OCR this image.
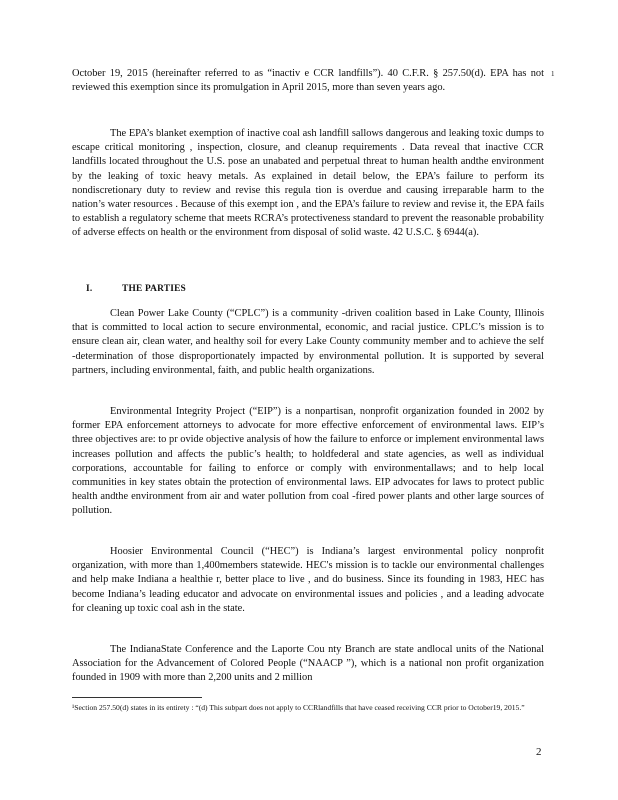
October 19, 2015 (hereinafter referred to as “inactiv e CCR landfills”). 40 C.F.R. § 257.50(d). EPA has not reviewed this exemption since its promulgation in April 2015, more than seven years ago.

1

The EPA’s blanket exemption of inactive coal ash landfill sallows dangerous and leaking toxic dumps to escape critical monitoring , inspection, closure, and cleanup requirements . Data reveal that inactive CCR landfills located throughout the U.S. pose an unabated and perpetual threat to human health andthe environment by the leaking of toxic heavy metals. As explained in detail below, the EPA’s failure to perform its nondiscretionary duty to review and revise this regula tion is overdue and causing irreparable harm to the nation’s water resources . Because of this exempt ion , and the EPA’s failure to review and revise it, the EPA fails to establish a regulatory scheme that meets RCRA’s protectiveness standard to prevent the reasonable probability of adverse effects on health or the environment from disposal of solid waste. 42 U.S.C. § 6944(a).

I.	THE PARTIES

Clean Power Lake County (“CPLC”) is a community -driven coalition based in Lake County, Illinois that is committed to local action to secure environmental, economic, and racial justice. CPLC’s mission is to ensure clean air, clean water, and healthy soil for every Lake County community member and to achieve the self -determination of those disproportionately impacted by environmental pollution. It is supported by several partners, including environmental, faith, and public health organizations.

Environmental Integrity Project (“EIP”) is a nonpartisan, nonprofit organization founded in 2002 by former EPA enforcement attorneys to advocate for more effective enforcement of environmental laws. EIP’s three objectives are: to pr ovide objective analysis of how the failure to enforce or implement environmental laws increases pollution and affects the public’s health; to holdfederal and state agencies, as well as individual corporations, accountable for failing to enforce or comply with environmentallaws; and to help local communities in key states obtain the protection of environmental laws. EIP advocates for laws to protect public health andthe environment from air and water pollution from coal -fired power plants and other large sources of pollution.

Hoosier Environmental Council (“HEC”) is Indiana’s largest environmental policy nonprofit organization, with more than 1,400members statewide. HEC's mission is to tackle our environmental challenges and help make Indiana a healthie r, better place to live , and do business. Since its founding in 1983, HEC has become Indiana’s leading educator and advocate on environmental issues and policies , and a leading advocate for cleaning up toxic coal ash in the state.

The IndianaState Conference and the Laporte Cou nty Branch are state andlocal units of the National Association for the Advancement of Colored People (“NAACP ”), which is a national non profit organization founded in 1909 with more than 2,200 units and 2 million

¹Section 257.50(d) states in its entirety : “(d) This subpart does not apply to CCRlandfills that have ceased receiving CCR prior to October19, 2015.”

2
